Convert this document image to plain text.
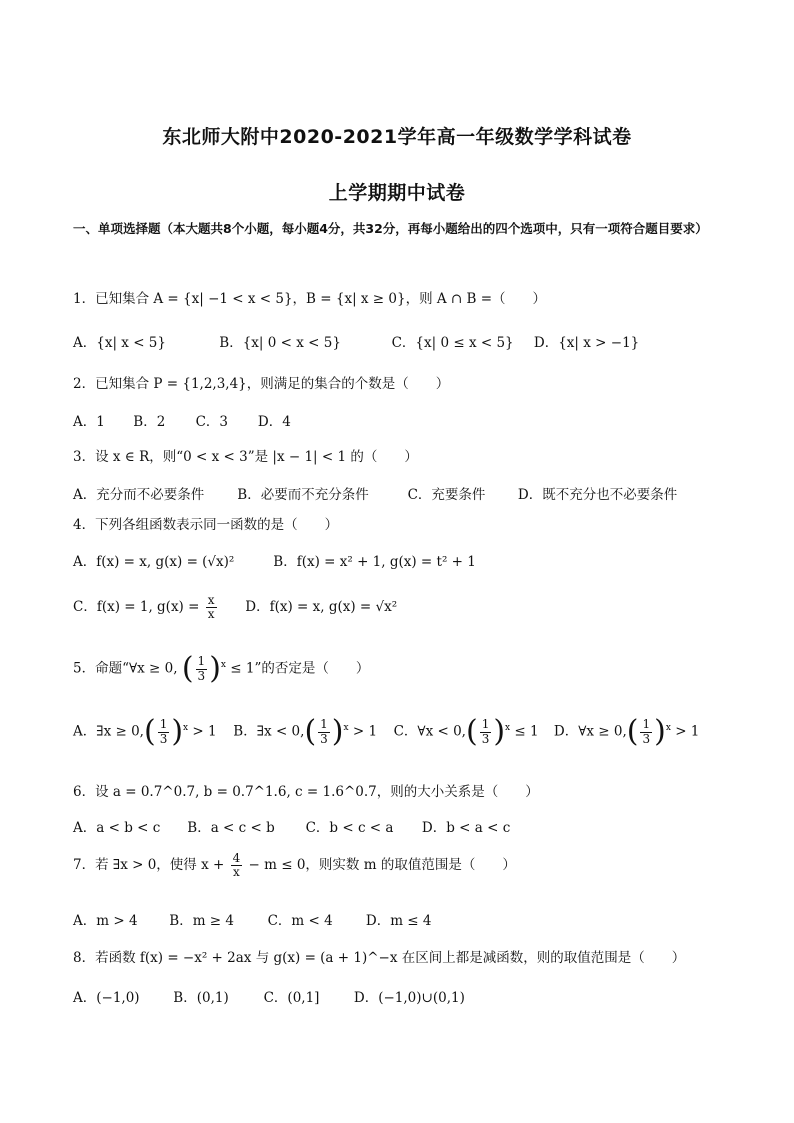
东北师大附中2020-2021学年高一年级数学学科试卷
上学期期中试卷
一、单项选择题（本大题共8个小题，每小题4分，共32分，再每小题给出的四个选项中，只有一项符合题目要求）
1．已知集合 A = {x| −1 < x < 5}，B = {x| x ≥ 0}，则 A ∩ B =（　　）
A．{x| x < 5}	B．{x| 0 < x < 5}	C．{x| 0 ≤ x < 5} D．{x| x > −1}
2．已知集合 P = {1,2,3,4}，则满足的集合的个数是（　　）
A．1 B．2 C．3 D．4
3．设 x ∈ R，则“0 < x < 3”是 |x − 1| < 1 的（　　）
A．充分而不必要条件 B．必要而不充分条件	C．充要条件 D．既不充分也不必要条件
4．下列各组函数表示同一函数的是（　　）
A．f(x) = x, g(x) = (√x)²	B．f(x) = x² + 1, g(x) = t² + 1
C．f(x) = 1, $g(x) = \frac{x}{x}$ D．f(x) = x, g(x) = √x²
5．命题“∀x ≥ 0, ( $\frac{1}{3} )^x \le 1$”的否定是（　　）
A．∃x ≥ $0,( \frac{1}{3} )^x > 1$ B．∃x < $0,( \frac{1}{3} )^x > 1$ C．∀x < $0,( \frac{1}{3} )^x \le 1$ D．∀x ≥ $0,( \frac{1}{3} )^x > 1$
6．设 a = 0.7^0.7, b = 0.7^1.6, c = 1.6^0.7，则的大小关系是（　　）
A．a < b < c B．a < c < b C．b < c < a D．b < a < c
7．若 ∃x > 0，使得 $x + \frac{4}{x} - m \le 0$，则实数 m 的取值范围是（　　）
A．m > 4 B．m ≥ 4 C．m < 4 D．m ≤ 4
8．若函数 f(x) = −x² + 2ax 与 g(x) = (a + 1)^−x 在区间上都是减函数，则的取值范围是（　　）
A．(−1,0) B．(0,1)	C．(0,1]	D．(−1,0)∪(0,1)
